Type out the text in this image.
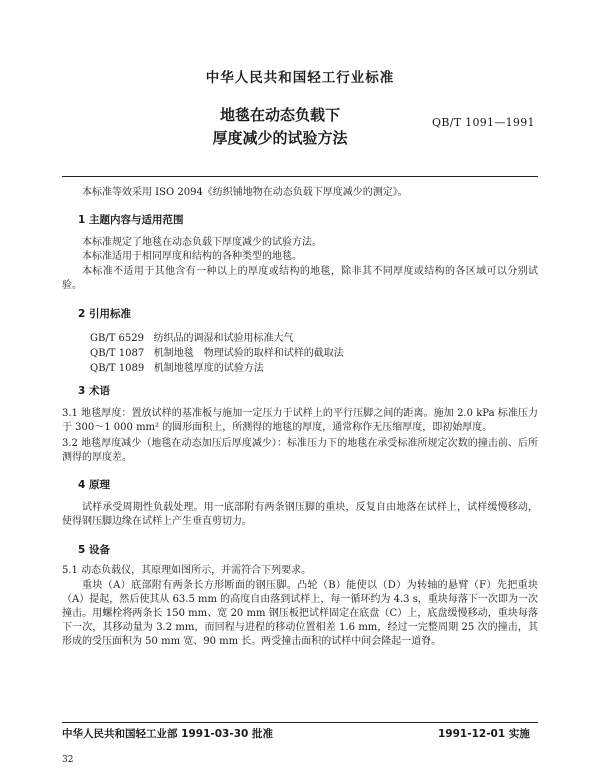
中华人民共和国轻工行业标准
地毯在动态负载下
厚度减少的试验方法
QB/T 1091—1991
本标准等效采用 ISO 2094《纺织铺地物在动态负载下厚度减少的测定》。
1 主题内容与适用范围
本标准规定了地毯在动态负载下厚度减少的试验方法。
本标准适用于相同厚度和结构的各种类型的地毯。
本标准不适用于其他含有一种以上的厚度或结构的地毯，除非其不同厚度或结构的各区域可以分别试验。
2 引用标准
GB/T 6529 纺织品的调湿和试验用标准大气
QB/T 1087 机制地毯　物理试验的取样和试样的截取法
QB/T 1089 机制地毯厚度的试验方法
3 术语
3.1 地毯厚度：置放试样的基准板与施加一定压力于试样上的平行压脚之间的距离。施加 2.0 kPa 标准压力于 300～1 000 mm² 的圆形面积上，所测得的地毯的厚度，通常称作无压缩厚度，即初始厚度。
3.2 地毯厚度减少（地毯在动态加压后厚度减少）：标准压力下的地毯在承受标准所规定次数的撞击前、后所测得的厚度差。
4 原理
试样承受周期性负载处理。用一底部附有两条钢压脚的重块，反复自由地落在试样上，试样缓慢移动，使得钢压脚边缘在试样上产生垂直剪切力。
5 设备
5.1 动态负载仪，其原理如图所示，并需符合下列要求。
重块（A）底部附有两条长方形断面的钢压脚。凸轮（B）能使以（D）为转轴的悬臂（F）先把重块（A）提起，然后使其从 63.5 mm 的高度自由落到试样上，每一循环约为 4.3 s，重块每落下一次即为一次撞击。用螺栓将两条长 150 mm、宽 20 mm 钢压板把试样固定在底盘（C）上，底盘缓慢移动，重块每落下一次，其移动量为 3.2 mm，而回程与进程的移动位置相差 1.6 mm，经过一完整周期 25 次的撞击，其形成的受压面积为 50 mm 宽、90 mm 长。两受撞击面积的试样中间会隆起一道脊。
中华人民共和国轻工业部 1991-03-30 批准	1991-12-01 实施
32
